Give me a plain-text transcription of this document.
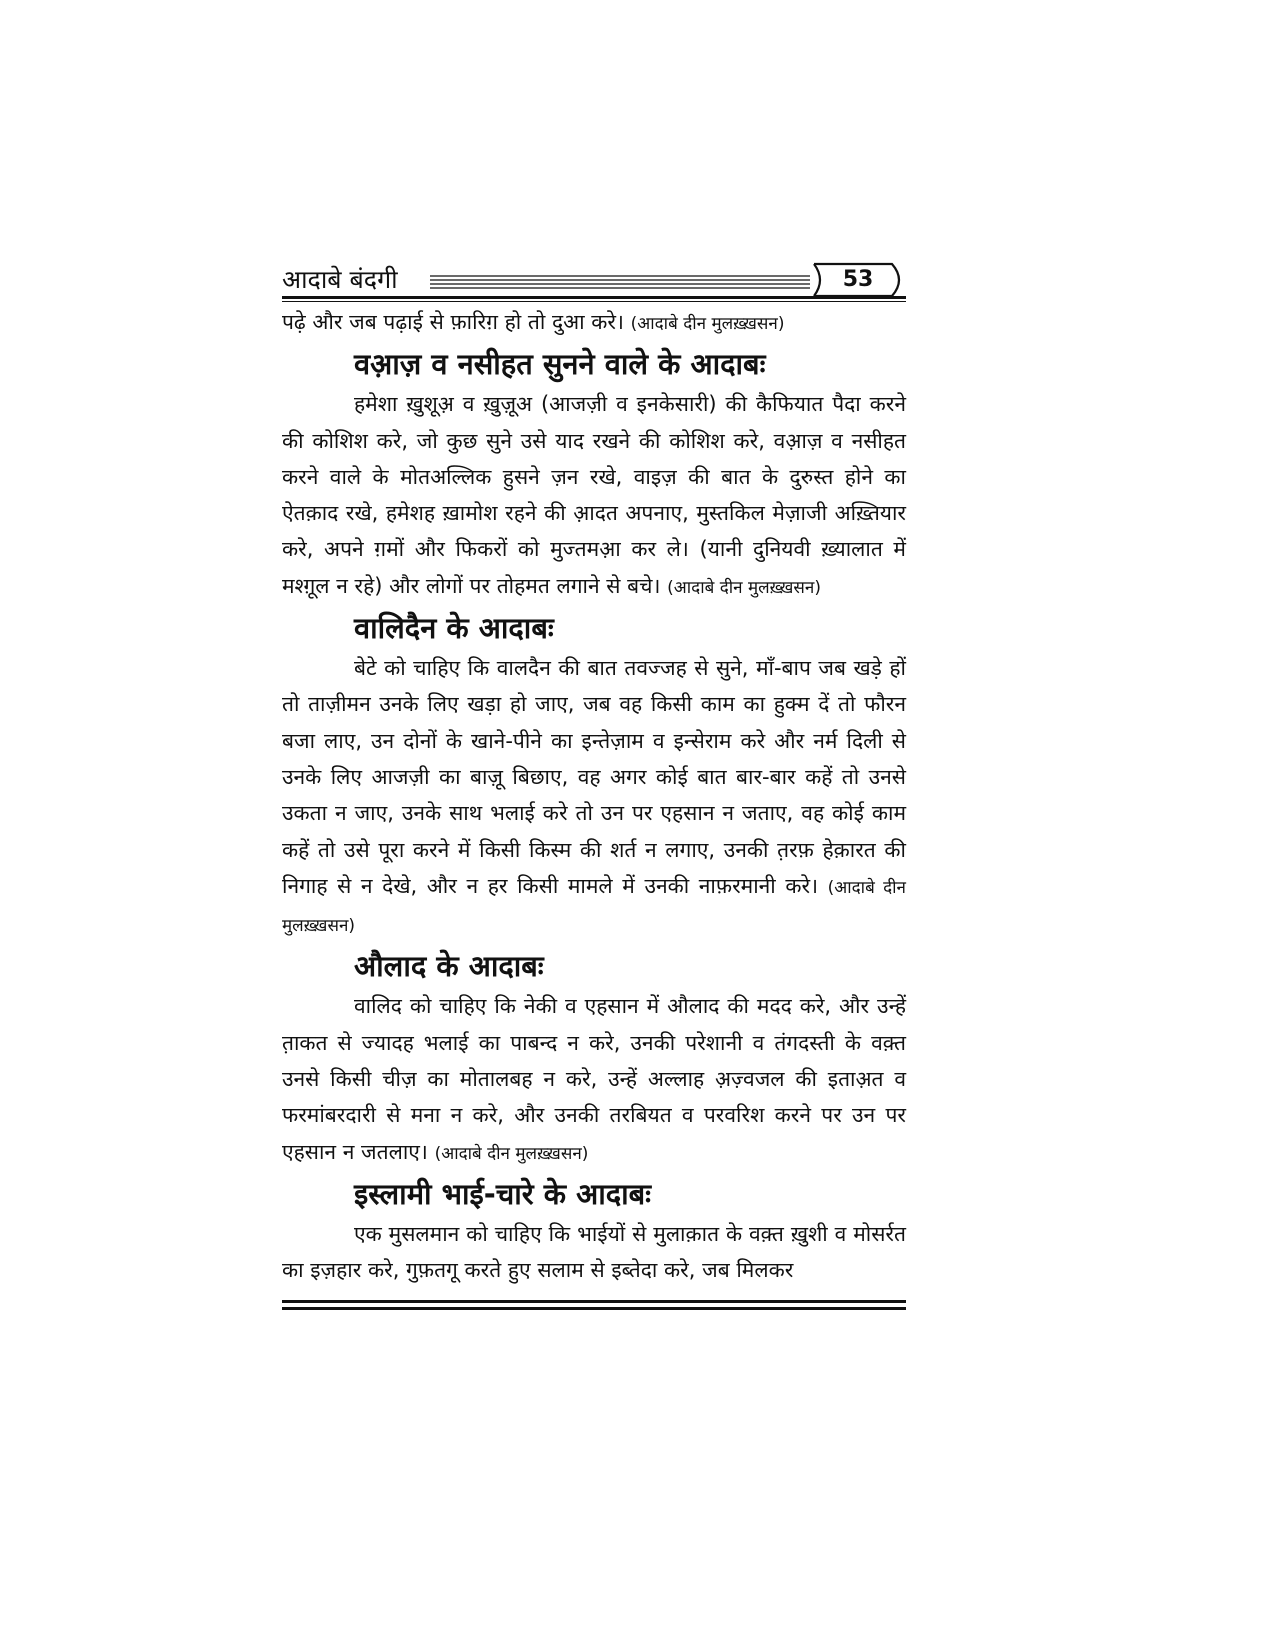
आदाबे बंदगी	53

पढ़े और जब पढ़ाई से फ़ारिग़ हो तो दुआ करे। (आदाबे दीन मुलख़्ख़सन)

वआ़ज़ व नसीहत सुनने वाले के आदाबः

हमेशा ख़ुशूअ़ व ख़ुज़ूअ (आजज़ी व इनकेसारी) की कैफियात पैदा करने की कोशिश करे, जो कुछ सुने उसे याद रखने की कोशिश करे, वआ़ज़ व नसीहत करने वाले के मोतअल्लिक हुसने ज़न रखे, वाइज़ की बात के दुरुस्त होने का ऐतक़ाद रखे, हमेशह ख़ामोश रहने की आ़दत अपनाए, मुस्तकिल मेज़ाजी अख़्तियार करे, अपने ग़मों और फिकरों को मुज्तमआ़ कर ले। (यानी दुनियवी ख़्यालात में मश्ग़ूल न रहे) और लोगों पर तोहमत लगाने से बचे। (आदाबे दीन मुलख़्ख़सन)

वालिदैन के आदाबः

बेटे को चाहिए कि वालदैन की बात तवज्जह से सुने, माँ-बाप जब खड़े हों तो ताज़ीमन उनके लिए खड़ा हो जाए, जब वह किसी काम का हुक्म दें तो फौरन बजा लाए, उन दोनों के खाने-पीने का इन्तेज़ाम व इन्सेराम करे और नर्म दिली से उनके लिए आजज़ी का बाज़ू बिछाए, वह अगर कोई बात बार-बार कहें तो उनसे उकता न जाए, उनके साथ भलाई करे तो उन पर एहसान न जताए, वह कोई काम कहें तो उसे पूरा करने में किसी किस्म की शर्त न लगाए, उनकी त़रफ़ हेक़ारत की निगाह से न देखे, और न हर किसी मामले में उनकी नाफ़रमानी करे। (आदाबे दीन मुलख़्ख़सन)

औलाद के आदाबः

वालिद को चाहिए कि नेकी व एहसान में औलाद की मदद करे, और उन्हें त़ाकत से ज्यादह भलाई का पाबन्द न करे, उनकी परेशानी व तंगदस्ती के वक़्त उनसे किसी चीज़ का मोतालबह न करे, उन्हें अल्लाह अ़ज़्वजल की इताअ़त व फरमांबरदारी से मना न करे, और उनकी तरबियत व परवरिश करने पर उन पर एहसान न जतलाए। (आदाबे दीन मुलख़्ख़सन)

इस्लामी भाई-चारे के आदाबः

एक मुसलमान को चाहिए कि भाईयों से मुलाक़ात के वक़्त ख़ुशी व मोसर्रत का इज़हार करे, गुफ़तगू करते हुए सलाम से इब्तेदा करे, जब मिलकर
